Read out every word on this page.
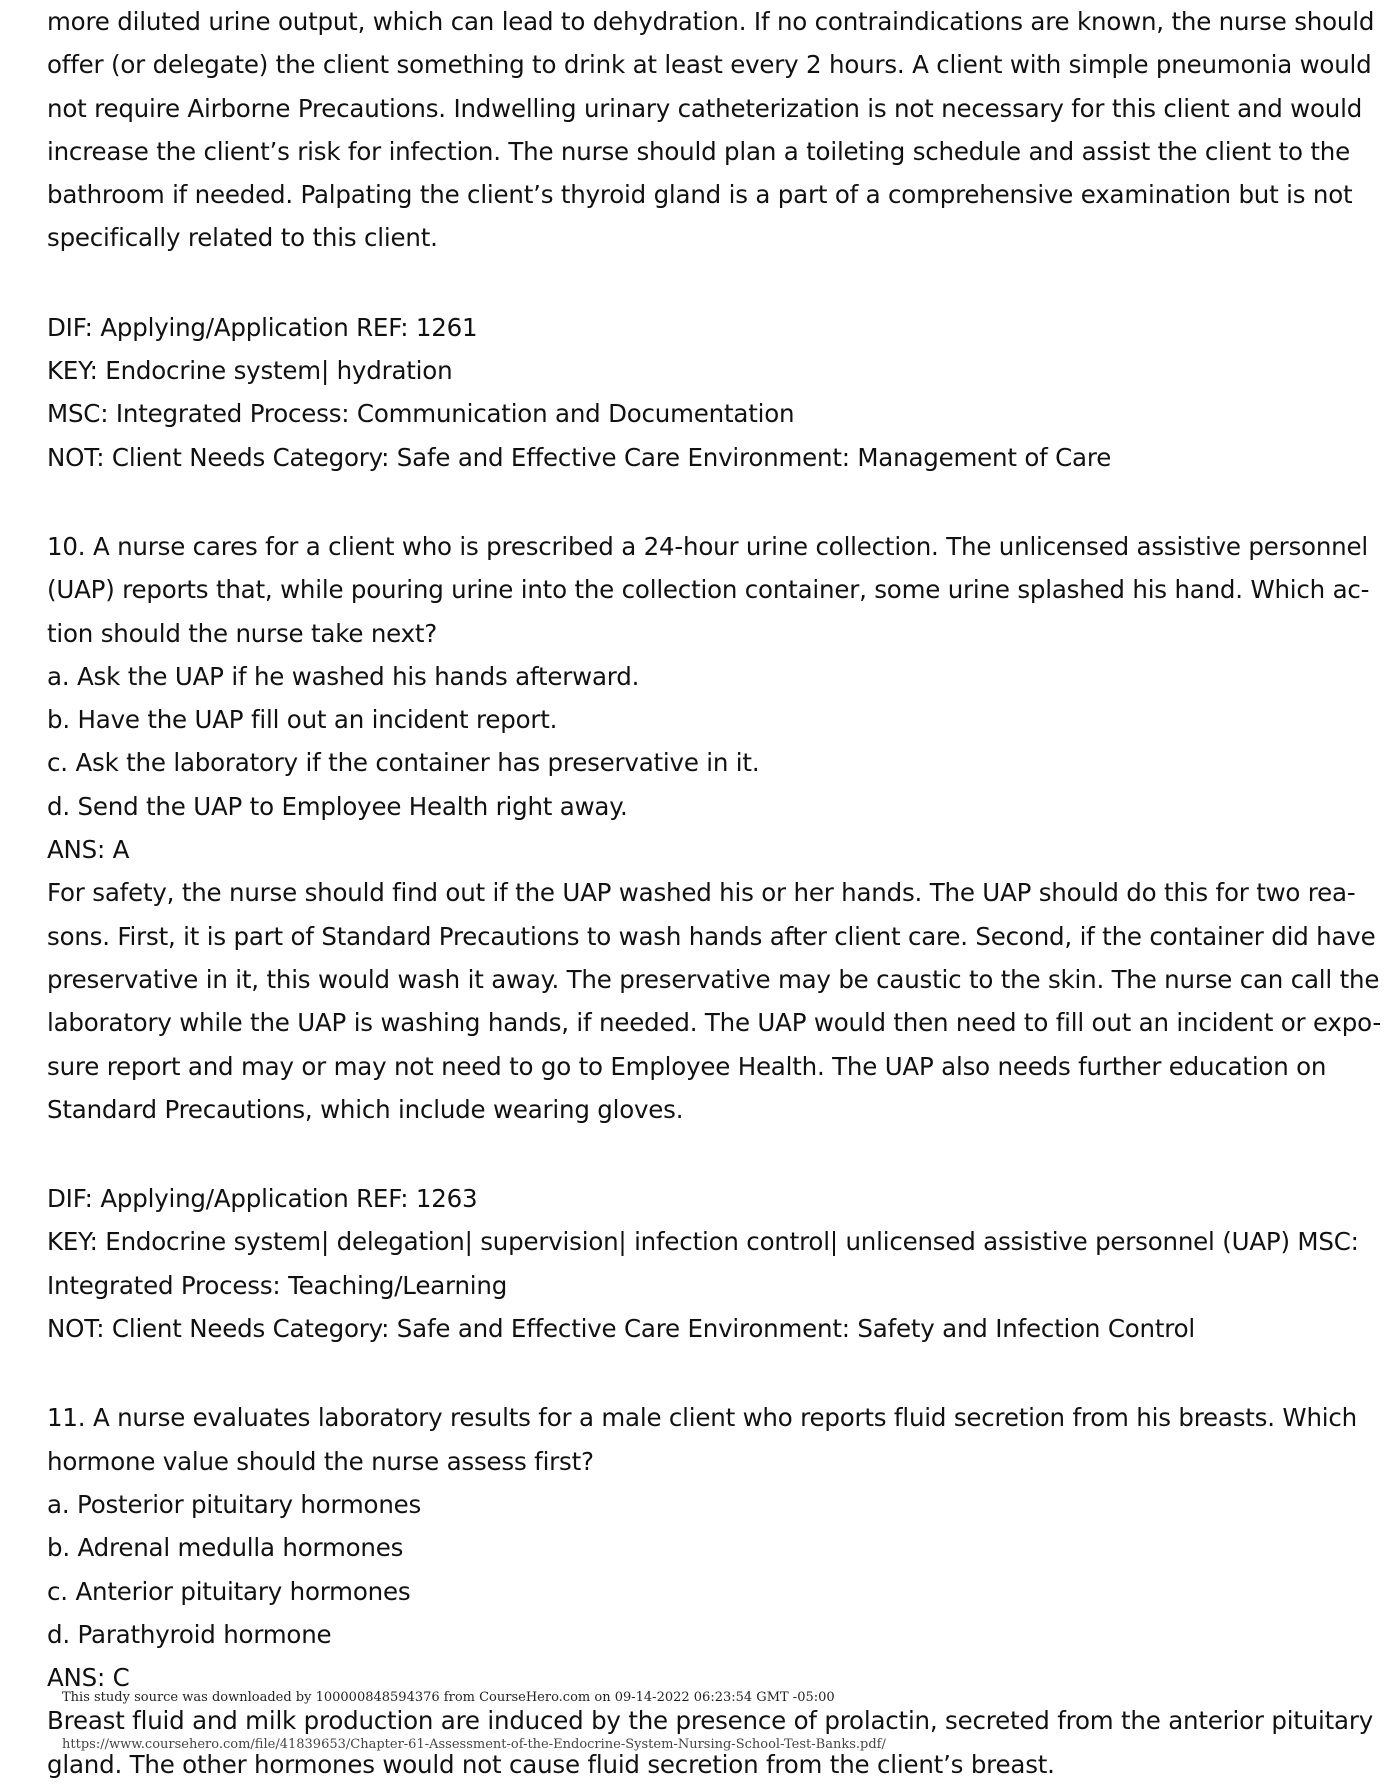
more diluted urine output, which can lead to dehydration. If no contraindications are known, the nurse should
offer (or delegate) the client something to drink at least every 2 hours. A client with simple pneumonia would
not require Airborne Precautions. Indwelling urinary catheterization is not necessary for this client and would
increase the client’s risk for infection. The nurse should plan a toileting schedule and assist the client to the
bathroom if needed. Palpating the client’s thyroid gland is a part of a comprehensive examination but is not
specifically related to this client.
DIF: Applying/Application REF: 1261
KEY: Endocrine system| hydration
MSC: Integrated Process: Communication and Documentation
NOT: Client Needs Category: Safe and Effective Care Environment: Management of Care
10. A nurse cares for a client who is prescribed a 24-hour urine collection. The unlicensed assistive personnel
(UAP) reports that, while pouring urine into the collection container, some urine splashed his hand. Which ac-
tion should the nurse take next?
a. Ask the UAP if he washed his hands afterward.
b. Have the UAP fill out an incident report.
c. Ask the laboratory if the container has preservative in it.
d. Send the UAP to Employee Health right away.
ANS: A
For safety, the nurse should find out if the UAP washed his or her hands. The UAP should do this for two rea-
sons. First, it is part of Standard Precautions to wash hands after client care. Second, if the container did have
preservative in it, this would wash it away. The preservative may be caustic to the skin. The nurse can call the
laboratory while the UAP is washing hands, if needed. The UAP would then need to fill out an incident or expo-
sure report and may or may not need to go to Employee Health. The UAP also needs further education on
Standard Precautions, which include wearing gloves.
DIF: Applying/Application REF: 1263
KEY: Endocrine system| delegation| supervision| infection control| unlicensed assistive personnel (UAP) MSC:
Integrated Process: Teaching/Learning
NOT: Client Needs Category: Safe and Effective Care Environment: Safety and Infection Control
11. A nurse evaluates laboratory results for a male client who reports fluid secretion from his breasts. Which
hormone value should the nurse assess first?
a. Posterior pituitary hormones
b. Adrenal medulla hormones
c. Anterior pituitary hormones
d. Parathyroid hormone
ANS: C
Breast fluid and milk production are induced by the presence of prolactin, secreted from the anterior pituitary
gland. The other hormones would not cause fluid secretion from the client’s breast.
This study source was downloaded by 100000848594376 from CourseHero.com on 09-14-2022 06:23:54 GMT -05:00
https://www.coursehero.com/file/41839653/Chapter-61-Assessment-of-the-Endocrine-System-Nursing-School-Test-Banks.pdf/
